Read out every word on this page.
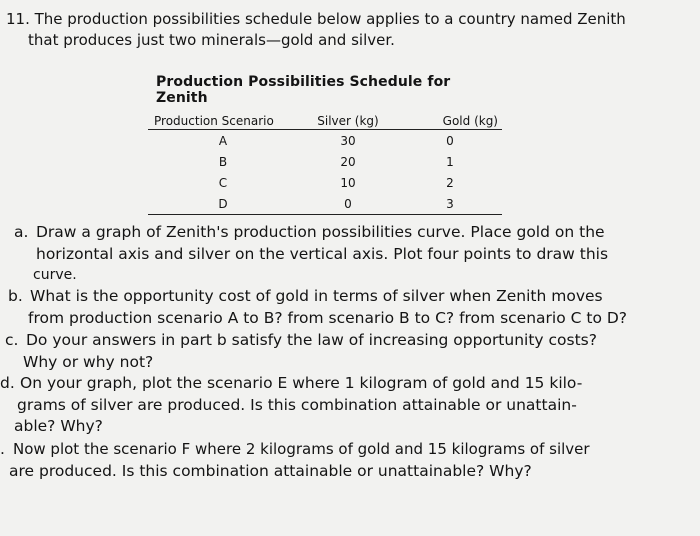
11. The production possibilities schedule below applies to a country named Zenith
that produces just two minerals—gold and silver.
Production Possibilities Schedule for Zenith
Production Scenario	Silver (kg)	Gold (kg)
A	30	0
B	20	1
C	10	2
D	0	3
a. Draw a graph of Zenith's production possibilities curve. Place gold on the
horizontal axis and silver on the vertical axis. Plot four points to draw this
curve.
b. What is the opportunity cost of gold in terms of silver when Zenith moves
from production scenario A to B? from scenario B to C? from scenario C to D?
c. Do your answers in part b satisfy the law of increasing opportunity costs?
Why or why not?
d. On your graph, plot the scenario E where 1 kilogram of gold and 15 kilo-
grams of silver are produced. Is this combination attainable or unattain-
able? Why?
. Now plot the scenario F where 2 kilograms of gold and 15 kilograms of silver
are produced. Is this combination attainable or unattainable? Why?
